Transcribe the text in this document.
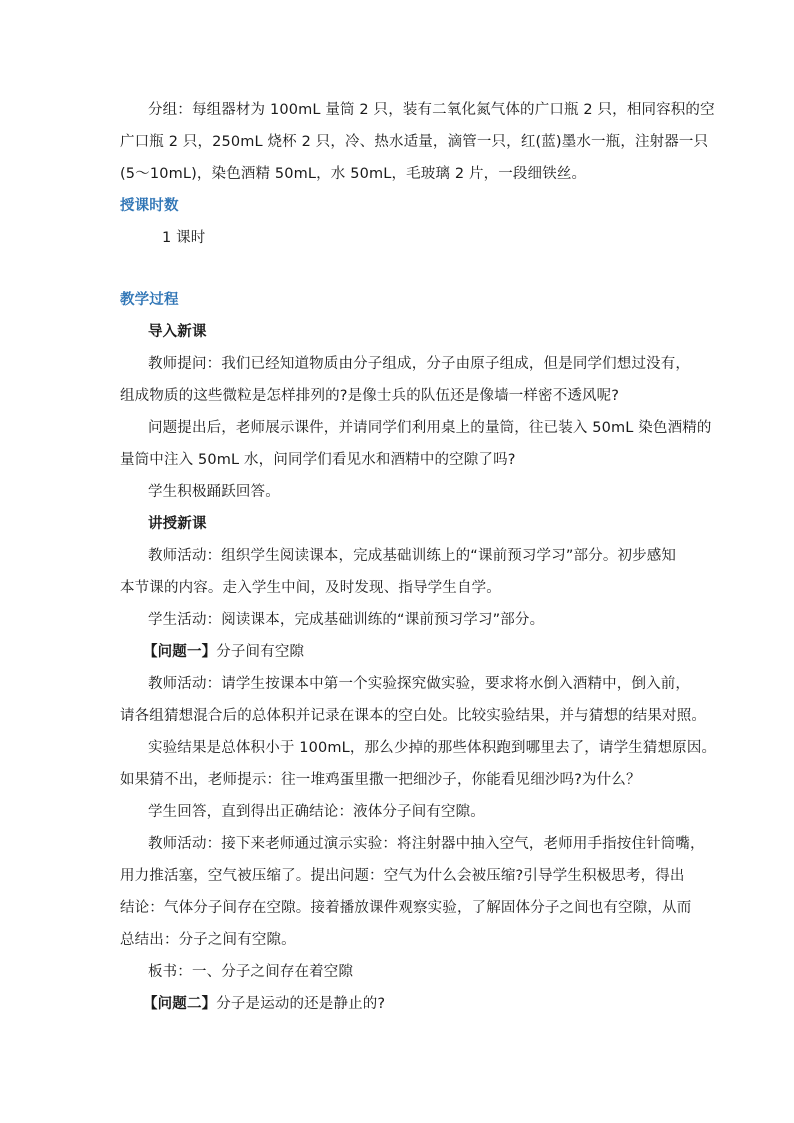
分组：每组器材为 100mL 量筒 2 只，装有二氧化氮气体的广口瓶 2 只，相同容积的空
广口瓶 2 只，250mL 烧杯 2 只，冷、热水适量，滴管一只，红(蓝)墨水一瓶，注射器一只
(5～10mL)，染色酒精 50mL，水 50mL，毛玻璃 2 片，一段细铁丝。
授课时数
1 课时
教学过程
导入新课
教师提问：我们已经知道物质由分子组成，分子由原子组成，但是同学们想过没有，
组成物质的这些微粒是怎样排列的?是像士兵的队伍还是像墙一样密不透风呢?
问题提出后，老师展示课件，并请同学们利用桌上的量筒，往已装入 50mL 染色酒精的
量筒中注入 50mL 水，问同学们看见水和酒精中的空隙了吗?
学生积极踊跃回答。
讲授新课
教师活动：组织学生阅读课本，完成基础训练上的“课前预习学习”部分。初步感知
本节课的内容。走入学生中间，及时发现、指导学生自学。
学生活动：阅读课本，完成基础训练的“课前预习学习”部分。
【问题一】分子间有空隙
教师活动：请学生按课本中第一个实验探究做实验，要求将水倒入酒精中，倒入前，
请各组猜想混合后的总体积并记录在课本的空白处。比较实验结果，并与猜想的结果对照。
实验结果是总体积小于 100mL，那么少掉的那些体积跑到哪里去了，请学生猜想原因。
如果猜不出，老师提示：往一堆鸡蛋里撒一把细沙子，你能看见细沙吗?为什么？
学生回答，直到得出正确结论：液体分子间有空隙。
教师活动：接下来老师通过演示实验：将注射器中抽入空气，老师用手指按住针筒嘴，
用力推活塞，空气被压缩了。提出问题：空气为什么会被压缩?引导学生积极思考，得出
结论：气体分子间存在空隙。接着播放课件观察实验，了解固体分子之间也有空隙，从而
总结出：分子之间有空隙。
板书：一、分子之间存在着空隙
【问题二】分子是运动的还是静止的?
